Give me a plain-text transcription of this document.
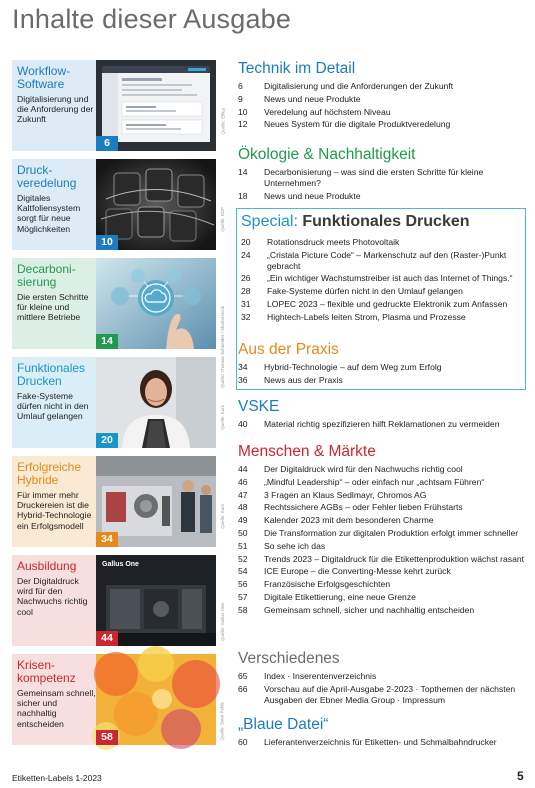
Inhalte dieser Ausgabe
Workflow-
Software
Digitalisierung und die Anforderung der Zukunft	Quelle: Efficy
6
Druck-
veredelung
Digitales Kaltfoliensystem sorgt für neue Möglichkeiten	Quelle: KDP
10
Decarboni-
sierung
Die ersten Schritte für kleine und mittlere Betriebe	Quelle: Thomas Schneider / Shutterstock
14
Funktionales
Drucken
Fake-Systeme dürfen nicht in den Umlauf gelangen	Quelle: Kurz
20
Erfolgreiche
Hybride
Für immer mehr Druckereien ist die Hybrid-Technologie ein Erfolgsmodell	Quelle: Kurz
34
Ausbildung
Der Digitaldruck wird für den Nachwuchs richtig cool
Gallus One
Quelle: Gallus One
44
Krisen-
kompetenz
Gemeinsam schnell, sicher und nachhaltig entscheiden	Quelle: Sven Pehle
58
Technik im Detail
6	Digitalisierung und die Anforderungen der Zukunft
9	News und neue Produkte
10	Veredelung auf höchstem Niveau
12	Neues System für die digitale Produktveredelung
Ökologie & Nachhaltigkeit
14	Decarbonisierung – was sind die ersten Schritte für kleine Unternehmen?
18	News und neue Produkte
Special: Funktionales Drucken
20	Rotationsdruck meets Photovoltaik
24	„Cristala Picture Code“ – Markenschutz auf den (Raster-)Punkt gebracht
26	„Ein wichtiger Wachstumstreiber ist auch das Internet of Things.“
28	Fake-Systeme dürfen nicht in den Umlauf gelangen
31	LOPEC 2023 – flexible und gedruckte Elektronik zum Anfassen
32	Hightech-Labels leiten Strom, Plasma und Prozesse
Aus der Praxis
34	Hybrid-Technologie – auf dem Weg zum Erfolg
36	News aus der Praxis
VSKE
40	Material richtig spezifizieren hilft Reklamationen zu vermeiden
Menschen & Märkte
44	Der Digitaldruck wird für den Nachwuchs richtig cool
46	„Mindful Leadership“ – oder einfach nur „achtsam Führen“
47	3 Fragen an Klaus Sedlmayr, Chromos AG
48	Rechtssichere AGBs – oder Fehler lieben Frühstarts
49	Kalender 2023 mit dem besonderen Charme
50	Die Transformation zur digitalen Produktion erfolgt immer schneller
51	So sehe ich das
52	Trends 2023 – Digitaldruck für die Etikettenproduktion wächst rasant
54	ICE Europe – die Converting-Messe kehrt zurück
56	Französische Erfolgsgeschichten
57	Digitale Etikettierung, eine neue Grenze
58	Gemeinsam schnell, sicher und nachhaltig entscheiden
Verschiedenes
65	Index · Inserentenverzeichnis
66	Vorschau auf die April-Ausgabe 2-2023 · Topthemen der nächsten Ausgaben der Ebner Media Group · Impressum
„Blaue Datei“
60	Lieferantenverzeichnis für Etiketten- und Schmalbahndrucker
Etiketten-Labels 1-2023	5
